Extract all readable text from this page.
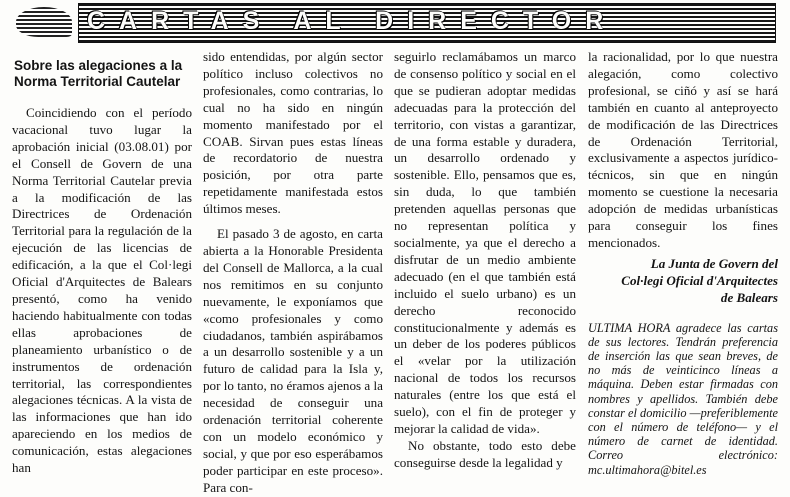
CARTAS AL DIRECTOR
Sobre las alegaciones a la Norma Territorial Cautelar

Coincidiendo con el período vacacional tuvo lugar la aprobación inicial (03.08.01) por el Consell de Govern de una Norma Territorial Cautelar previa a la modificación de las Directrices de Ordenación Territorial para la regulación de la ejecución de las licencias de edificación, a la que el Col·legi Oficial d'Arquitectes de Balears presentó, como ha venido haciendo habitualmente con todas ellas aprobaciones de planeamiento urbanístico o de instrumentos de ordenación territorial, las correspondientes alegaciones técnicas. A la vista de las informaciones que han ido apareciendo en los medios de comunicación, estas alegaciones han

sido entendidas, por algún sector político incluso colectivos no profesionales, como contrarias, lo cual no ha sido en ningún momento manifestado por el COAB. Sirvan pues estas líneas de recordatorio de nuestra posición, por otra parte repetidamente manifestada estos últimos meses.

El pasado 3 de agosto, en carta abierta a la Honorable Presidenta del Consell de Mallorca, a la cual nos remitimos en su conjunto nuevamente, le exponíamos que «como profesionales y como ciudadanos, también aspirábamos a un desarrollo sostenible y a un futuro de calidad para la Isla y, por lo tanto, no éramos ajenos a la necesidad de conseguir una ordenación territorial coherente con un modelo económico y social, y que por eso esperábamos poder participar en este proceso». Para con-

seguirlo reclamábamos un marco de consenso político y social en el que se pudieran adoptar medidas adecuadas para la protección del territorio, con vistas a garantizar, de una forma estable y duradera, un desarrollo ordenado y sostenible. Ello, pensamos que es, sin duda, lo que también pretenden aquellas personas que no representan política y socialmente, ya que el derecho a disfrutar de un medio ambiente adecuado (en el que también está incluido el suelo urbano) es un derecho reconocido constitucionalmente y además es un deber de los poderes públicos el «velar por la utilización nacional de todos los recursos naturales (entre los que está el suelo), con el fin de proteger y mejorar la calidad de vida».

No obstante, todo esto debe conseguirse desde la legalidad y

la racionalidad, por lo que nuestra alegación, como colectivo profesional, se ciñó y así se hará también en cuanto al anteproyecto de modificación de las Directrices de Ordenación Territorial, exclusivamente a aspectos jurídico-técnicos, sin que en ningún momento se cuestione la necesaria adopción de medidas urbanísticas para conseguir los fines mencionados.

La Junta de Govern del
Col·legi Oficial d'Arquitectes
de Balears

ULTIMA HORA agradece las cartas de sus lectores. Tendrán preferencia de inserción las que sean breves, de no más de veinticinco líneas a máquina. Deben estar firmadas con nombres y apellidos. También debe constar el domicilio —preferiblemente con el número de teléfono— y el número de carnet de identidad. Correo electrónico: mc.ultimahora@bitel.es
